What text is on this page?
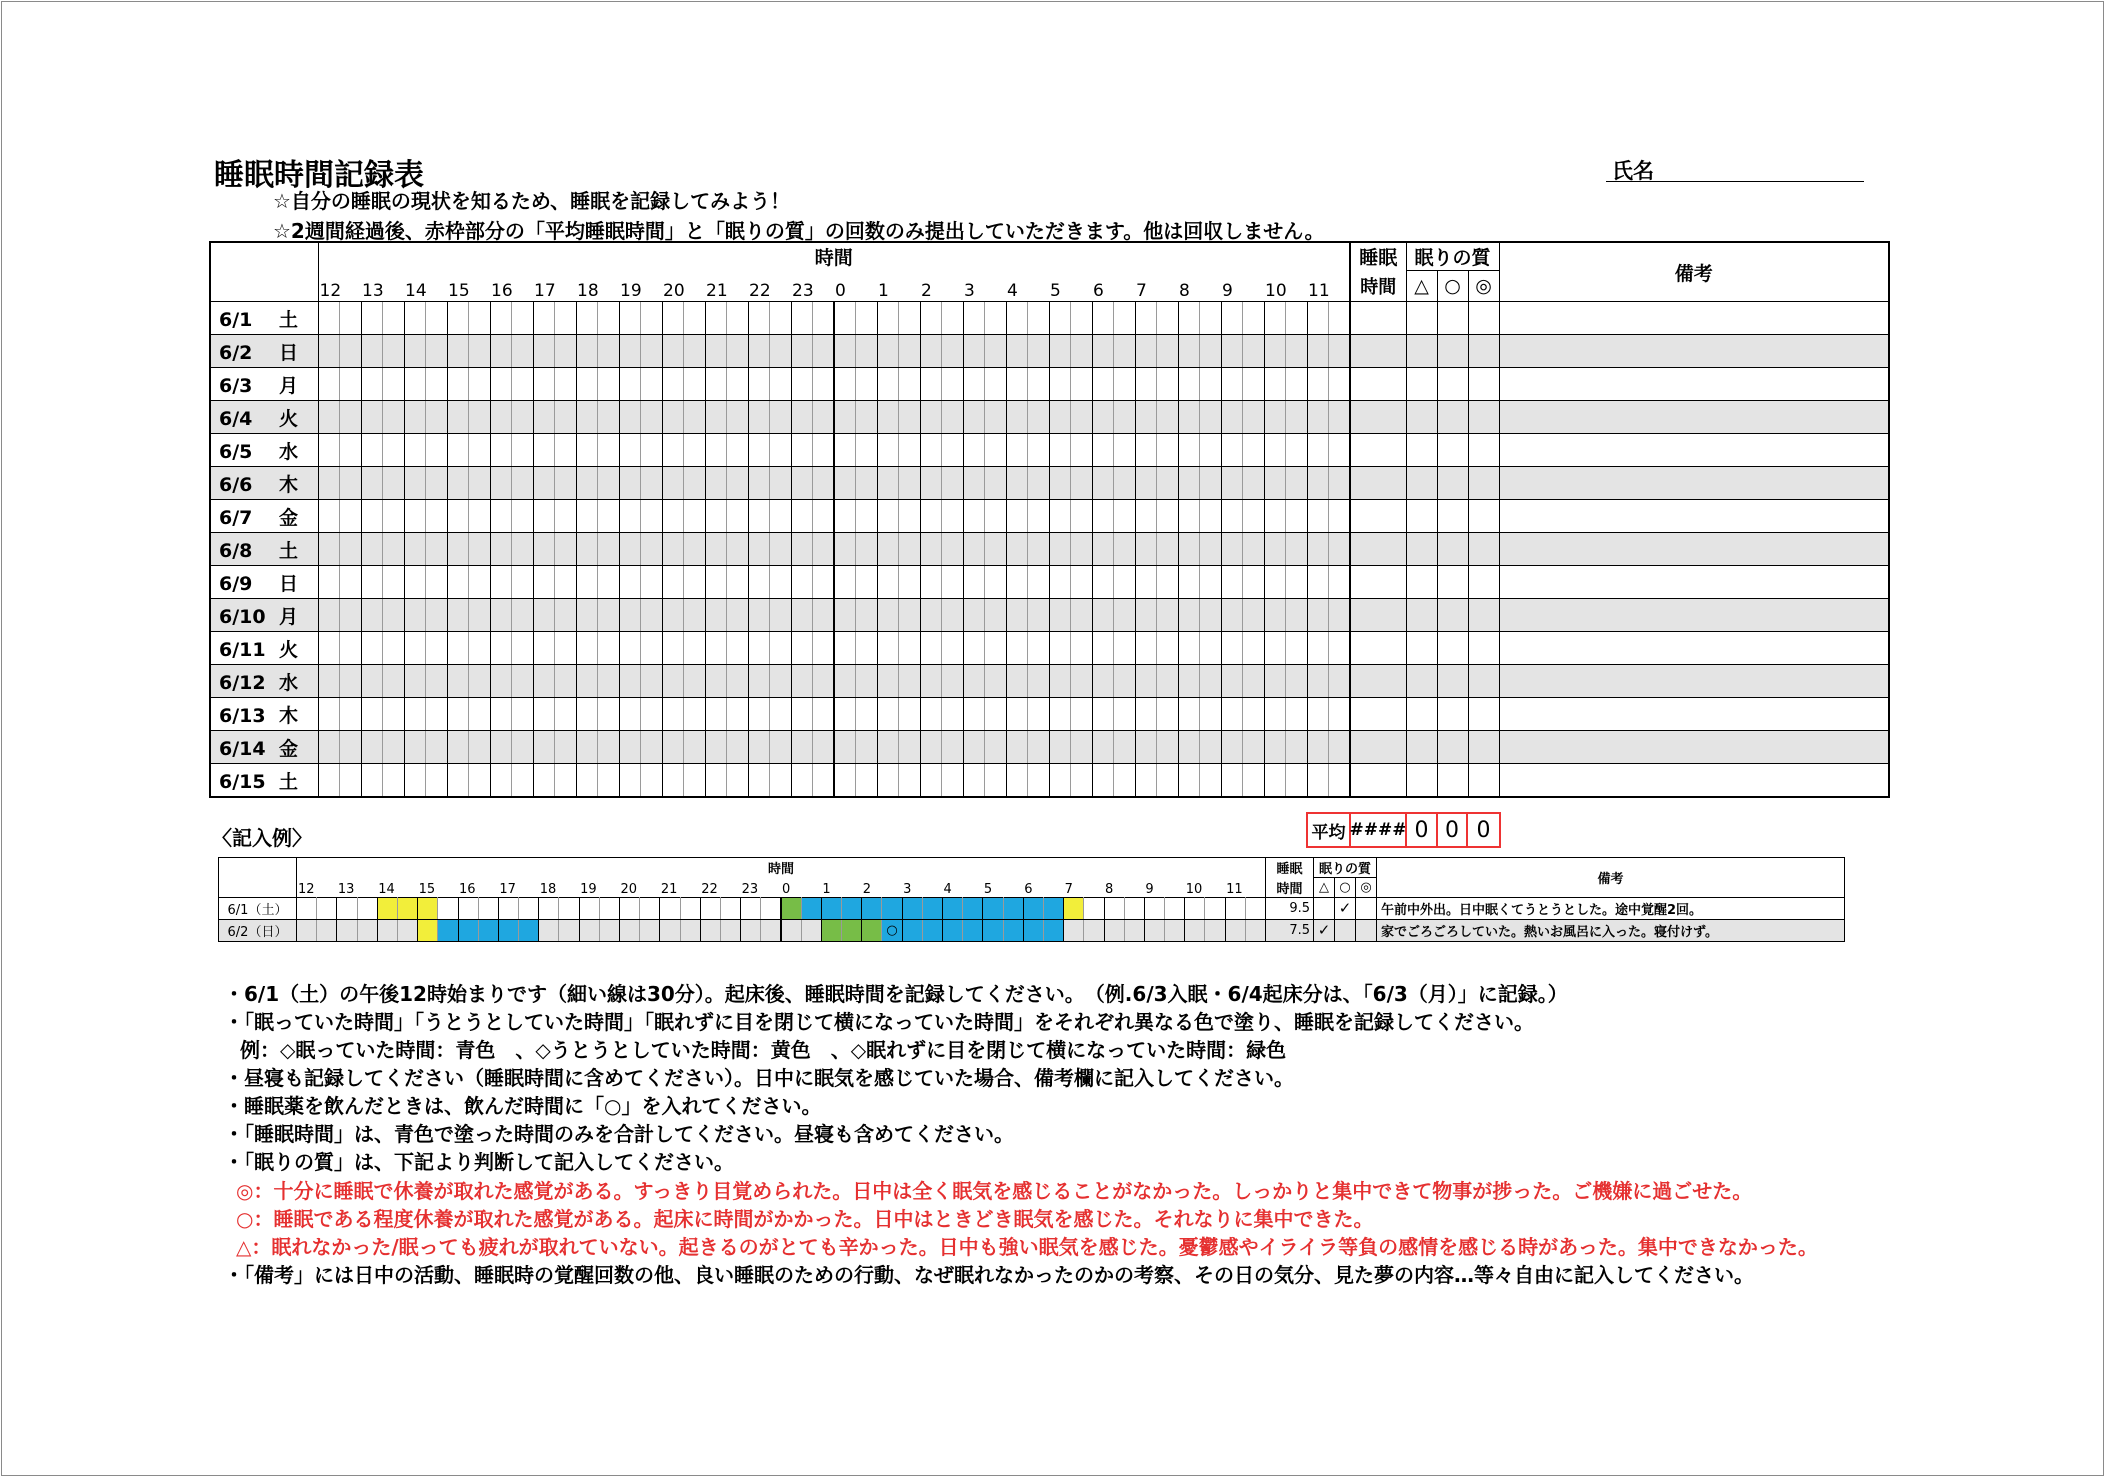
睡眠時間記録表
☆自分の睡眠の現状を知るため、睡眠を記録してみよう！
☆2週間経過後、赤枠部分の「平均睡眠時間」と「眠りの質」の回数のみ提出していただきます。他は回収しません。
氏名
	時間																																																睡眠	眠りの質			備考
	12		13		14		15		16		17		18		19		20		21		22		23		0		1		2		3		4		5		6		7		8		9		10		11		時間	△	○	◎	
6/1 土																																																					
6/2 日																																																					
6/3 月																																																					
6/4 火																																																					
6/5 水																																																					
6/6 木																																																					
6/7 金																																																					
6/8 土																																																					
6/9 日																																																					
6/10 月																																																					
6/11 火																																																					
6/12 水																																																					
6/13 木																																																					
6/14 金																																																					
6/15 土																																																					
平均 #### 0 0 0
〈記入例〉
	時間																																																睡眠	眠りの質			備考
	12		13		14		15		16		17		18		19		20		21		22		23		0		1		2		3		4		5		6		7		8		9		10		11		時間	△	○	◎	
6/1（土）																																																	9.5		✓		午前中外出。日中眠くてうとうとした。途中覚醒2回。
6/2（日）																														○																			7.5	✓			家でごろごろしていた。熱いお風呂に入った。寝付けず。
・6/1（土）の午後12時始まりです（細い線は30分）。起床後、睡眠時間を記録してください。　（例.6/3入眠・6/4起床分は、「6/3（月）」に記録。）
・「眠っていた時間」「うとうとしていた時間」「眠れずに目を閉じて横になっていた時間」をそれぞれ異なる色で塗り、睡眠を記録してください。
例：◇眠っていた時間：青色　、◇うとうとしていた時間：黄色　、◇眠れずに目を閉じて横になっていた時間：緑色
・昼寝も記録してください（睡眠時間に含めてください）。日中に眠気を感じていた場合、備考欄に記入してください。
・睡眠薬を飲んだときは、飲んだ時間に「○」を入れてください。
・「睡眠時間」は、青色で塗った時間のみを合計してください。昼寝も含めてください。
・「眠りの質」は、下記より判断して記入してください。
◎：十分に睡眠で休養が取れた感覚がある。すっきり目覚められた。日中は全く眠気を感じることがなかった。しっかりと集中できて物事が捗った。ご機嫌に過ごせた。
○：睡眠である程度休養が取れた感覚がある。起床に時間がかかった。日中はときどき眠気を感じた。それなりに集中できた。
△：眠れなかった/眠っても疲れが取れていない。起きるのがとても辛かった。日中も強い眠気を感じた。憂鬱感やイライラ等負の感情を感じる時があった。集中できなかった。
・「備考」には日中の活動、睡眠時の覚醒回数の他、良い睡眠のための行動、なぜ眠れなかったのかの考察、その日の気分、見た夢の内容…等々自由に記入してください。
